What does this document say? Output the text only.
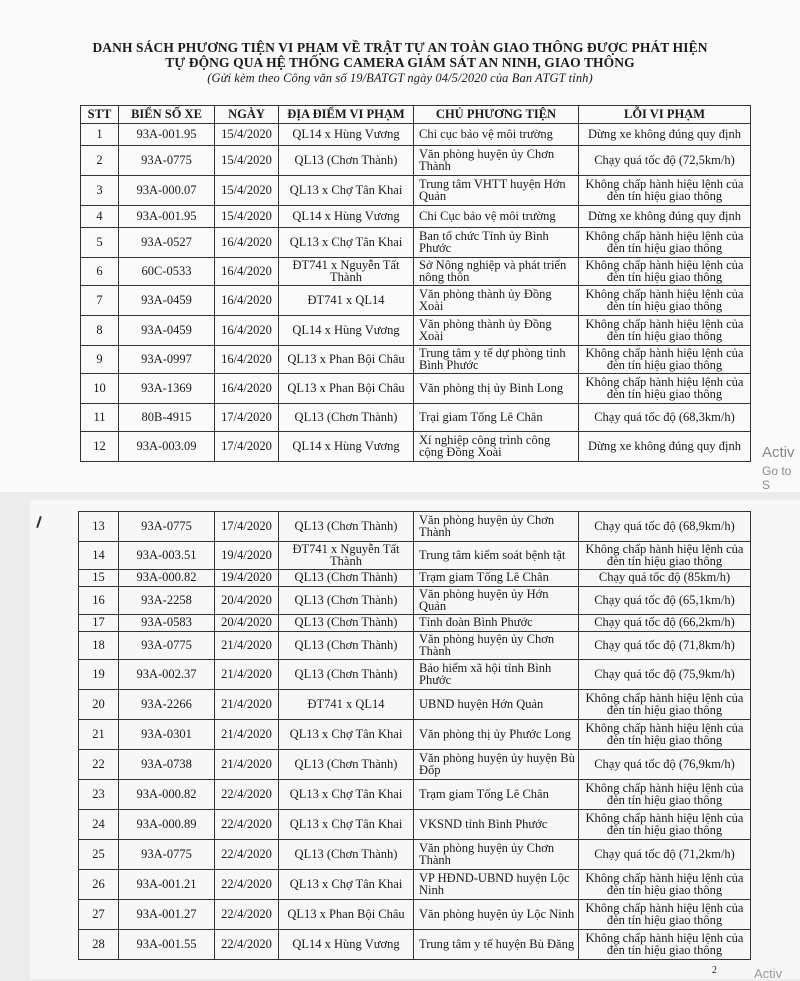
DANH SÁCH PHƯƠNG TIỆN VI PHẠM VỀ TRẬT TỰ AN TOÀN GIAO THÔNG ĐƯỢC PHÁT HIỆN
TỰ ĐỘNG QUA HỆ THỐNG CAMERA GIÁM SÁT AN NINH, GIAO THÔNG
(Gửi kèm theo Công văn số 19/BATGT ngày 04/5/2020 của Ban ATGT tỉnh)
STT	BIỂN SỐ XE	NGÀY	ĐỊA ĐIỂM VI PHẠM	CHỦ PHƯƠNG TIỆN	LỖI VI PHẠM
1	93A-001.95	15/4/2020	QL14 x Hùng Vương	Chi cục bảo vệ môi trường	Dừng xe không đúng quy định
2	93A-0775	15/4/2020	QL13 (Chơn Thành)	Văn phòng huyện ủy Chơn Thành	Chạy quá tốc độ (72,5km/h)
3	93A-000.07	15/4/2020	QL13 x Chợ Tân Khai	Trung tâm VHTT huyện Hớn Quản	Không chấp hành hiệu lệnh của đèn tín hiệu giao thông
4	93A-001.95	15/4/2020	QL14 x Hùng Vương	Chi Cục bảo vệ môi trường	Dừng xe không đúng quy định
5	93A-0527	16/4/2020	QL13 x Chợ Tân Khai	Ban tổ chức Tỉnh ủy Bình Phước	Không chấp hành hiệu lệnh của đèn tín hiệu giao thông
6	60C-0533	16/4/2020	ĐT741 x Nguyễn Tất Thành	Sở Nông nghiệp và phát triển nông thôn	Không chấp hành hiệu lệnh của đèn tín hiệu giao thông
7	93A-0459	16/4/2020	ĐT741 x QL14	Văn phòng thành ủy Đồng Xoài	Không chấp hành hiệu lệnh của đèn tín hiệu giao thông
8	93A-0459	16/4/2020	QL14 x Hùng Vương	Văn phòng thành ủy Đồng Xoài	Không chấp hành hiệu lệnh của đèn tín hiệu giao thông
9	93A-0997	16/4/2020	QL13 x Phan Bội Châu	Trung tâm y tế dự phòng tỉnh Bình Phước	Không chấp hành hiệu lệnh của đèn tín hiệu giao thông
10	93A-1369	16/4/2020	QL13 x Phan Bội Châu	Văn phòng thị ủy Bình Long	Không chấp hành hiệu lệnh của đèn tín hiệu giao thông
11	80B-4915	17/4/2020	QL13 (Chơn Thành)	Trại giam Tống Lê Chân	Chạy quá tốc độ (68,3km/h)
12	93A-003.09	17/4/2020	QL14 x Hùng Vương	Xí nghiệp công trình công cộng Đồng Xoài	Dừng xe không đúng quy định Activ
Go to S
13	93A-0775	17/4/2020	QL13 (Chơn Thành)	Văn phòng huyện ủy Chơn Thành	Chạy quá tốc độ (68,9km/h)
14	93A-003.51	19/4/2020	ĐT741 x Nguyễn Tất Thành	Trung tâm kiểm soát bệnh tật	Không chấp hành hiệu lệnh của đèn tín hiệu giao thông
15	93A-000.82	19/4/2020	QL13 (Chơn Thành)	Trạm giam Tống Lê Chân	Chạy quá tốc độ (85km/h)
16	93A-2258	20/4/2020	QL13 (Chơn Thành)	Văn phòng huyện ủy Hớn Quản	Chạy quá tốc độ (65,1km/h)
17	93A-0583	20/4/2020	QL13 (Chơn Thành)	Tỉnh đoàn Bình Phước	Chạy quá tốc độ (66,2km/h)
18	93A-0775	21/4/2020	QL13 (Chơn Thành)	Văn phòng huyện ủy Chơn Thành	Chạy quá tốc độ (71,8km/h)
19	93A-002.37	21/4/2020	QL13 (Chơn Thành)	Bảo hiểm xã hội tỉnh Bình Phước	Chạy quá tốc độ (75,9km/h)
20	93A-2266	21/4/2020	ĐT741 x QL14	UBND huyện Hớn Quản	Không chấp hành hiệu lệnh của đèn tín hiệu giao thông
21	93A-0301	21/4/2020	QL13 x Chợ Tân Khai	Văn phòng thị ủy Phước Long	Không chấp hành hiệu lệnh của đèn tín hiệu giao thông
22	93A-0738	21/4/2020	QL13 (Chơn Thành)	Văn phòng huyện ủy huyện Bù Đốp	Chạy quá tốc độ (76,9km/h)
23	93A-000.82	22/4/2020	QL13 x Chợ Tân Khai	Trạm giam Tống Lê Chân	Không chấp hành hiệu lệnh của đèn tín hiệu giao thông
24	93A-000.89	22/4/2020	QL13 x Chợ Tân Khai	VKSND tỉnh Bình Phước	Không chấp hành hiệu lệnh của đèn tín hiệu giao thông
25	93A-0775	22/4/2020	QL13 (Chơn Thành)	Văn phòng huyện ủy Chơn Thành	Chạy quá tốc độ (71,2km/h)
26	93A-001.21	22/4/2020	QL13 x Chợ Tân Khai	VP HĐND-UBND huyện Lộc Ninh	Không chấp hành hiệu lệnh của đèn tín hiệu giao thông
27	93A-001.27	22/4/2020	QL13 x Phan Bội Châu	Văn phòng huyện ủy Lộc Ninh	Không chấp hành hiệu lệnh của đèn tín hiệu giao thông
28	93A-001.55	22/4/2020	QL14 x Hùng Vương	Trung tâm y tế huyện Bù Đăng	Không chấp hành hiệu lệnh của đèn tín hiệu giao thông
2	Activ
